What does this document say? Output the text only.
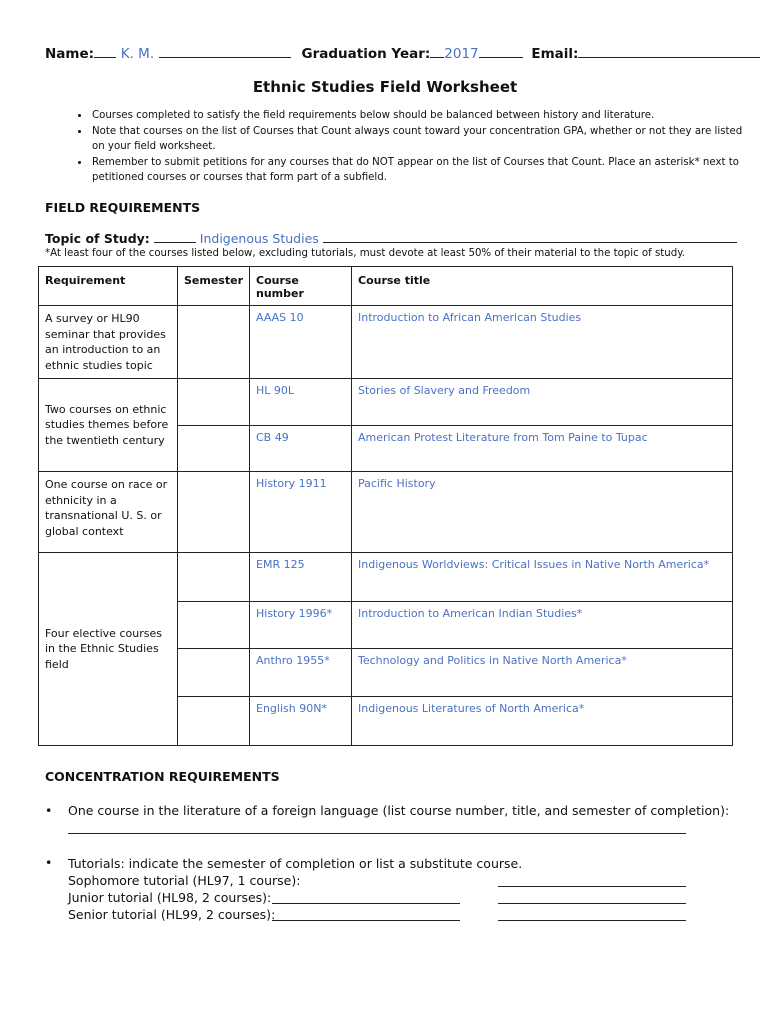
Name: K. M.	Graduation Year: 2017	Email:
Ethnic Studies Field Worksheet
• Courses completed to satisfy the field requirements below should be balanced between history and literature.
• Note that courses on the list of Courses that Count always count toward your concentration GPA, whether or not they are listed on your field worksheet.
• Remember to submit petitions for any courses that do NOT appear on the list of Courses that Count. Place an asterisk* next to petitioned courses or courses that form part of a subfield.
FIELD REQUIREMENTS
Topic of Study:	Indigenous Studies
*At least four of the courses listed below, excluding tutorials, must devote at least 50% of their material to the topic of study.
Requirement	Semester	Course number	Course title
A survey or HL90 seminar that provides an introduction to an ethnic studies topic		AAAS 10	Introduction to African American Studies
Two courses on ethnic studies themes before the twentieth century		HL 90L	Stories of Slavery and Freedom
		CB 49	American Protest Literature from Tom Paine to Tupac
One course on race or ethnicity in a transnational U. S. or global context		History 1911	Pacific History
Four elective courses in the Ethnic Studies field		EMR 125	Indigenous Worldviews: Critical Issues in Native North America*
		History 1996*	Introduction to American Indian Studies*
		Anthro 1955*	Technology and Politics in Native North America*
		English 90N*	Indigenous Literatures of North America*
CONCENTRATION REQUIREMENTS
• One course in the literature of a foreign language (list course number, title, and semester of completion):
• Tutorials: indicate the semester of completion or list a substitute course.
Sophomore tutorial (HL97, 1 course):
Junior tutorial (HL98, 2 courses):
Senior tutorial (HL99, 2 courses):
